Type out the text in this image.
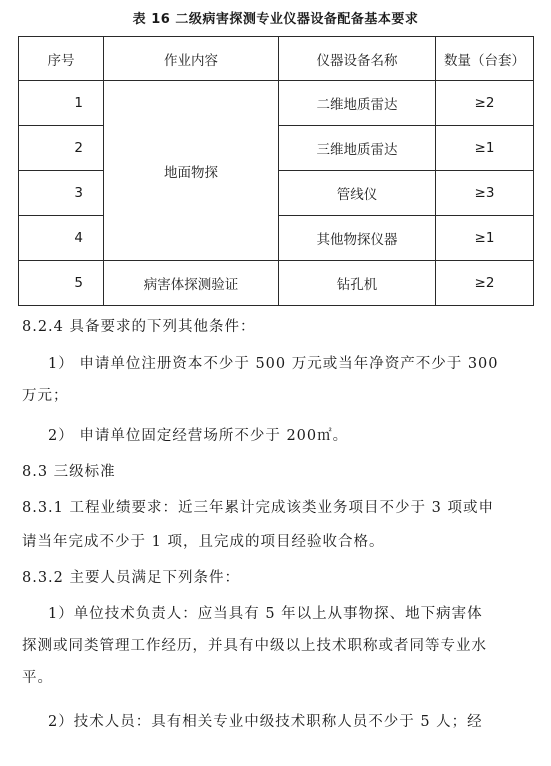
表 16 二级病害探测专业仪器设备配备基本要求
序号	作业内容	仪器设备名称	数量（台套）
1	地面物探	二维地质雷达	≥2
2		三维地质雷达	≥1
3		管线仪	≥3
4		其他物探仪器	≥1
5	病害体探测验证	钻孔机	≥2

8.2.4 具备要求的下列其他条件：

1） 申请单位注册资本不少于 500 万元或当年净资产不少于 300

万元；

2） 申请单位固定经营场所不少于 200㎡。

8.3 三级标准

8.3.1 工程业绩要求：近三年累计完成该类业务项目不少于 3 项或申

请当年完成不少于 1 项，且完成的项目经验收合格。

8.3.2 主要人员满足下列条件：

1）单位技术负责人：应当具有 5 年以上从事物探、地下病害体

探测或同类管理工作经历，并具有中级以上技术职称或者同等专业水

平。

2）技术人员：具有相关专业中级技术职称人员不少于 5 人；经
